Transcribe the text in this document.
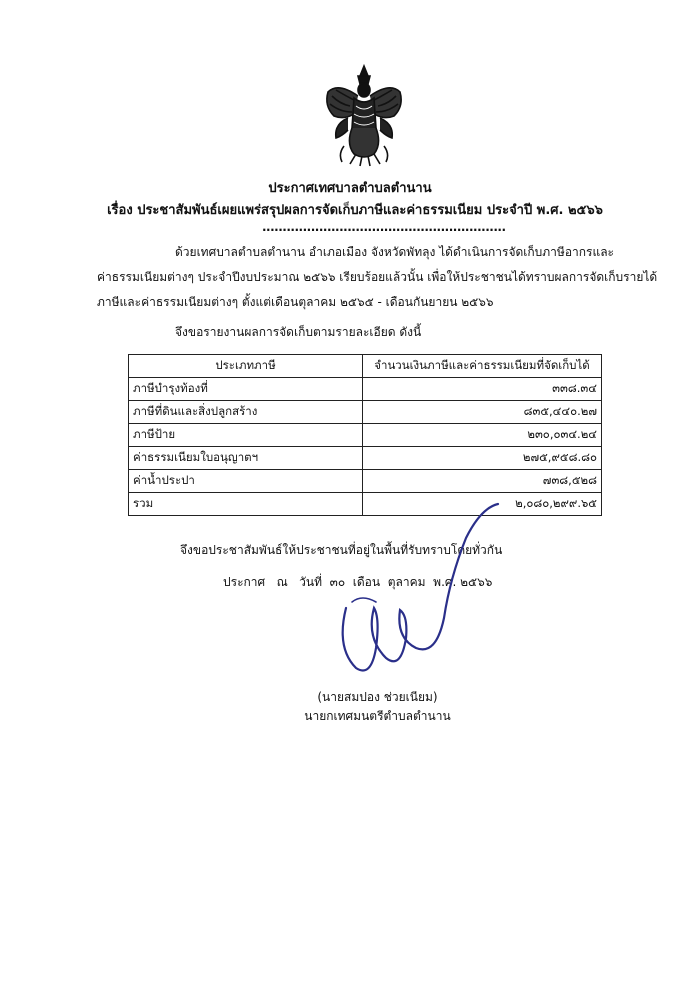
ประกาศเทศบาลตำบลตำนาน
เรื่อง ประชาสัมพันธ์เผยแพร่สรุปผลการจัดเก็บภาษีและค่าธรรมเนียม ประจำปี พ.ศ. ๒๕๖๖
............................................................
ด้วยเทศบาลตำบลตำนาน อำเภอเมือง จังหวัดพัทลุง ได้ดำเนินการจัดเก็บภาษีอากรและ
ค่าธรรมเนียมต่างๆ ประจำปีงบประมาณ ๒๕๖๖ เรียบร้อยแล้วนั้น เพื่อให้ประชาชนได้ทราบผลการจัดเก็บรายได้
ภาษีและค่าธรรมเนียมต่างๆ ตั้งแต่เดือนตุลาคม ๒๕๖๕ - เดือนกันยายน ๒๕๖๖
จึงขอรายงานผลการจัดเก็บตามรายละเอียด ดังนี้
ประเภทภาษี	จำนวนเงินภาษีและค่าธรรมเนียมที่จัดเก็บได้
ภาษีบำรุงท้องที่	๓๓๘.๓๔
ภาษีที่ดินและสิ่งปลูกสร้าง	๘๓๕,๔๔๐.๒๗
ภาษีป้าย	๒๓๐,๐๓๔.๒๔
ค่าธรรมเนียมใบอนุญาตฯ	๒๗๕,๙๕๘.๘๐
ค่าน้ำประปา	๗๓๘,๕๒๘
รวม	๒,๐๘๐,๒๙๙.๖๕
จึงขอประชาสัมพันธ์ให้ประชาชนที่อยู่ในพื้นที่รับทราบโดยทั่วกัน
ประกาศ   ณ   วันที่  ๓๐  เดือน  ตุลาคม  พ.ศ. ๒๕๖๖
(นายสมปอง ช่วยเนียม)
นายกเทศมนตรีตำบลตำนาน
